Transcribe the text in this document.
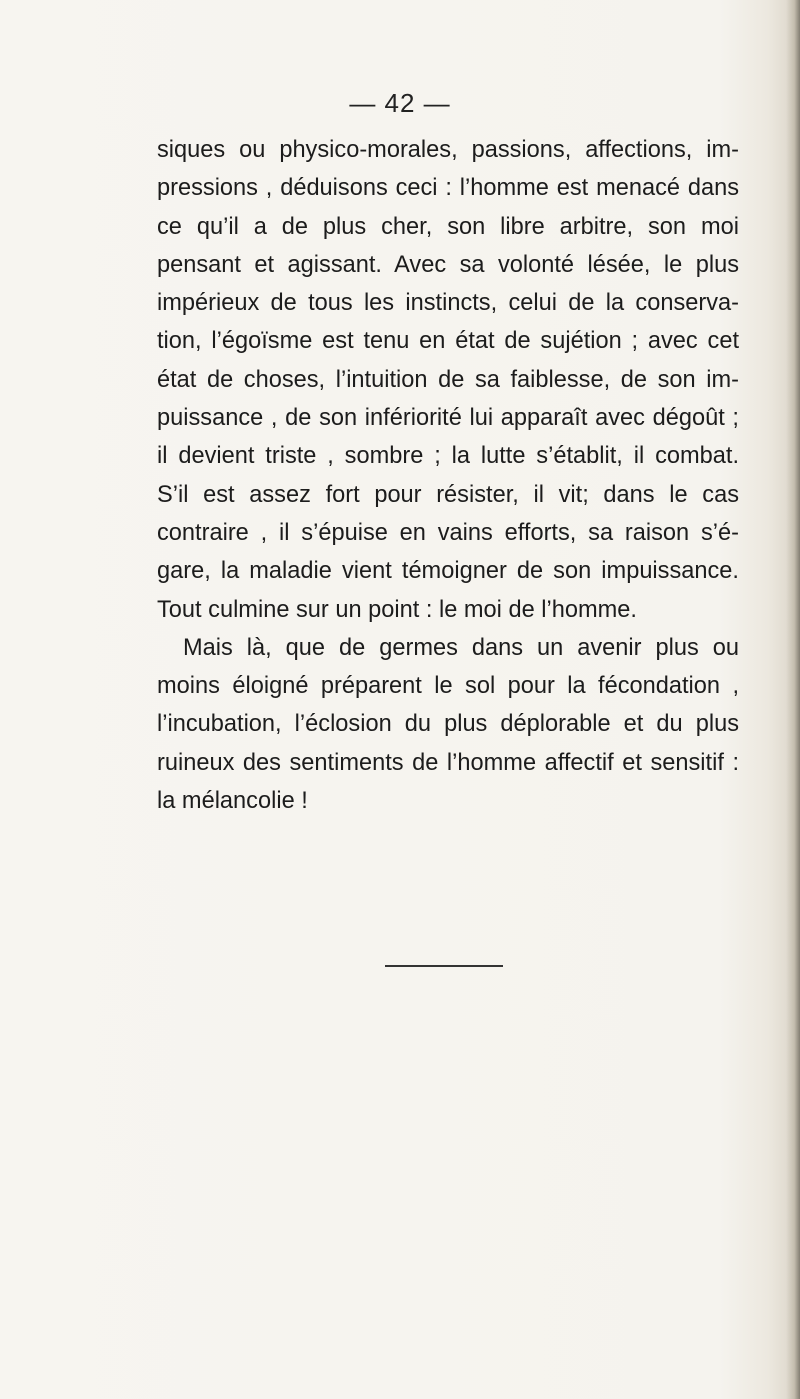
— 42 —
siques ou physico-morales, passions, affections, im-
pressions , déduisons ceci : l’homme est menacé dans
ce qu’il a de plus cher, son libre arbitre, son moi
pensant et agissant. Avec sa volonté lésée, le plus
impérieux de tous les instincts, celui de la conserva-
tion, l’égoïsme est tenu en état de sujétion ; avec cet
état de choses, l’intuition de sa faiblesse, de son im-
puissance , de son infériorité lui apparaît avec dégoût ;
il devient triste , sombre ; la lutte s’établit, il combat.
S’il est assez fort pour résister, il vit; dans le cas
contraire , il s’épuise en vains efforts, sa raison s’é-
gare, la maladie vient témoigner de son impuissance.
Tout culmine sur un point : le moi de l’homme.
Mais là, que de germes dans un avenir plus ou
moins éloigné préparent le sol pour la fécondation ,
l’incubation, l’éclosion du plus déplorable et du plus
ruineux des sentiments de l’homme affectif et sensitif :
la mélancolie !
